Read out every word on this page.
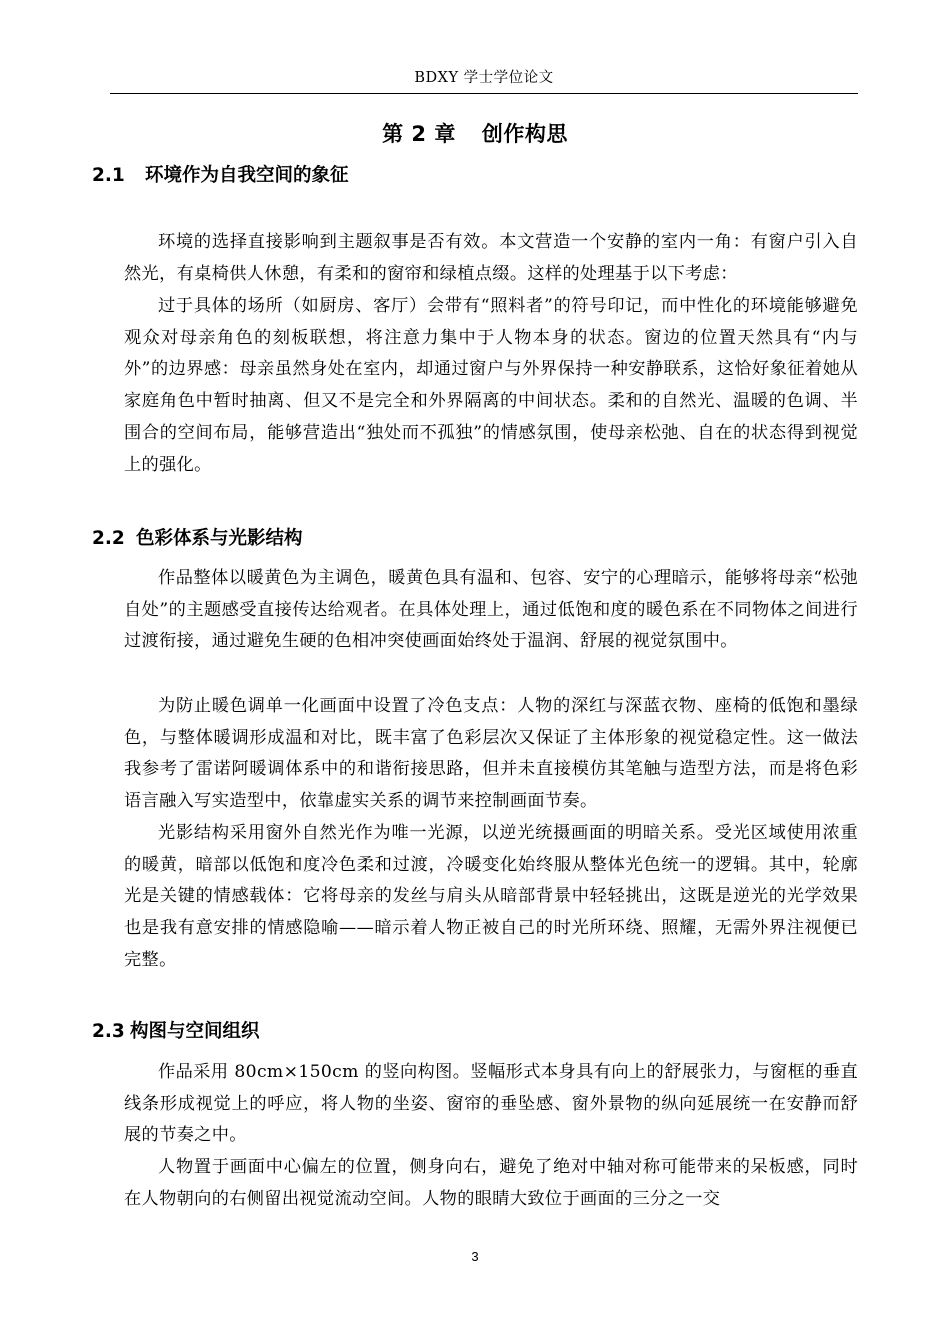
BDXY 学士学位论文
第 2 章 创作构思
2.1 环境作为自我空间的象征
环境的选择直接影响到主题叙事是否有效。本文营造一个安静的室内一角：有窗户引入自然光，有桌椅供人休憩，有柔和的窗帘和绿植点缀。这样的处理基于以下考虑：
过于具体的场所（如厨房、客厅）会带有“照料者”的符号印记，而中性化的环境能够避免观众对母亲角色的刻板联想，将注意力集中于人物本身的状态。窗边的位置天然具有“内与外”的边界感：母亲虽然身处在室内，却通过窗户与外界保持一种安静联系，这恰好象征着她从家庭角色中暂时抽离、但又不是完全和外界隔离的中间状态。柔和的自然光、温暖的色调、半围合的空间布局，能够营造出“独处而不孤独”的情感氛围，使母亲松弛、自在的状态得到视觉上的强化。
2.2 色彩体系与光影结构
作品整体以暖黄色为主调色，暖黄色具有温和、包容、安宁的心理暗示，能够将母亲“松弛自处”的主题感受直接传达给观者。在具体处理上，通过低饱和度的暖色系在不同物体之间进行过渡衔接，通过避免生硬的色相冲突使画面始终处于温润、舒展的视觉氛围中。
为防止暖色调单一化画面中设置了冷色支点：人物的深红与深蓝衣物、座椅的低饱和墨绿色，与整体暖调形成温和对比，既丰富了色彩层次又保证了主体形象的视觉稳定性。这一做法我参考了雷诺阿暖调体系中的和谐衔接思路，但并未直接模仿其笔触与造型方法，而是将色彩语言融入写实造型中，依靠虚实关系的调节来控制画面节奏。
光影结构采用窗外自然光作为唯一光源，以逆光统摄画面的明暗关系。受光区域使用浓重的暖黄，暗部以低饱和度冷色柔和过渡，冷暖变化始终服从整体光色统一的逻辑。其中，轮廓光是关键的情感载体：它将母亲的发丝与肩头从暗部背景中轻轻挑出，这既是逆光的光学效果也是我有意安排的情感隐喻——暗示着人物正被自己的时光所环绕、照耀，无需外界注视便已完整。
2.3 构图与空间组织
作品采用 80cm×150cm 的竖向构图。竖幅形式本身具有向上的舒展张力，与窗框的垂直线条形成视觉上的呼应，将人物的坐姿、窗帘的垂坠感、窗外景物的纵向延展统一在安静而舒展的节奏之中。
人物置于画面中心偏左的位置，侧身向右，避免了绝对中轴对称可能带来的呆板感，同时在人物朝向的右侧留出视觉流动空间。人物的眼睛大致位于画面的三分之一交
3
